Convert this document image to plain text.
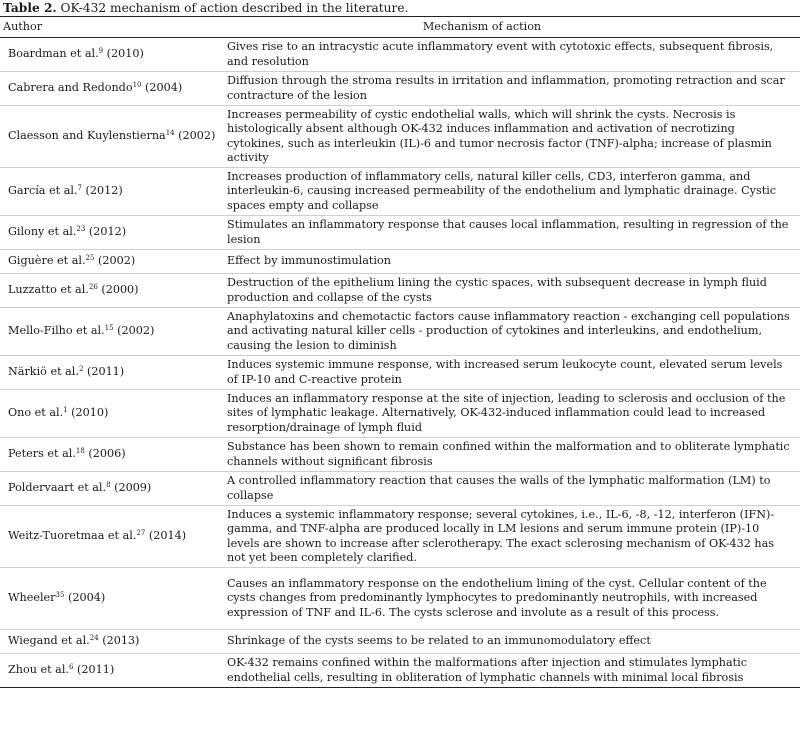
Table 2. OK-432 mechanism of action described in the literature.
Author	Mechanism of action
Boardman et al.$^9$ (2010)	Gives rise to an intracystic acute inflammatory event with cytotoxic effects, subsequent fibrosis, and resolution
Cabrera and Redondo$^{10}$ (2004)	Diffusion through the stroma results in irritation and inflammation, promoting retraction and scar contracture of the lesion
Claesson and Kuylenstierna$^{14}$ (2002)	Increases permeability of cystic endothelial walls, which will shrink the cysts. Necrosis is histologically absent although OK-432 induces inflammation and activation of necrotizing cytokines, such as interleukin (IL)-6 and tumor necrosis factor (TNF)-alpha; increase of plasmin activity
García et al.$^7$ (2012)	Increases production of inflammatory cells, natural killer cells, CD3, interferon gamma, and interleukin-6, causing increased permeability of the endothelium and lymphatic drainage. Cystic spaces empty and collapse
Gilony et al.$^{23}$ (2012)	Stimulates an inflammatory response that causes local inflammation, resulting in regression of the lesion
Giguère et al.$^{25}$ (2002)	Effect by immunostimulation
Luzzatto et al.$^{26}$ (2000)	Destruction of the epithelium lining the cystic spaces, with subsequent decrease in lymph fluid production and collapse of the cysts
Mello-Filho et al.$^{15}$ (2002)	Anaphylatoxins and chemotactic factors cause inflammatory reaction - exchanging cell populations and activating natural killer cells - production of cytokines and interleukins, and endothelium, causing the lesion to diminish
Närkiö et al.$^2$ (2011)	Induces systemic immune response, with increased serum leukocyte count, elevated serum levels of IP-10 and C-reactive protein
Ono et al.$^1$ (2010)	Induces an inflammatory response at the site of injection, leading to sclerosis and occlusion of the sites of lymphatic leakage. Alternatively, OK-432-induced inflammation could lead to increased resorption/drainage of lymph fluid
Peters et al.$^{18}$ (2006)	Substance has been shown to remain confined within the malformation and to obliterate lymphatic channels without significant fibrosis
Poldervaart et al.$^8$ (2009)	A controlled inflammatory reaction that causes the walls of the lymphatic malformation (LM) to collapse
Weitz-Tuoretmaa et al.$^{27}$ (2014)	Induces a systemic inflammatory response; several cytokines, i.e., IL-6, -8, -12, interferon (IFN)-gamma, and TNF-alpha are produced locally in LM lesions and serum immune protein (IP)-10 levels are shown to increase after sclerotherapy. The exact sclerosing mechanism of OK-432 has not yet been completely clarified.
Wheeler$^{35}$ (2004)	Causes an inflammatory response on the endothelium lining of the cyst. Cellular content of the cysts changes from predominantly lymphocytes to predominantly neutrophils, with increased expression of TNF and IL-6. The cysts sclerose and involute as a result of this process.
Wiegand et al.$^{24}$ (2013)	Shrinkage of the cysts seems to be related to an immunomodulatory effect
Zhou et al.$^6$ (2011)	OK-432 remains confined within the malformations after injection and stimulates lymphatic endothelial cells, resulting in obliteration of lymphatic channels with minimal local fibrosis
